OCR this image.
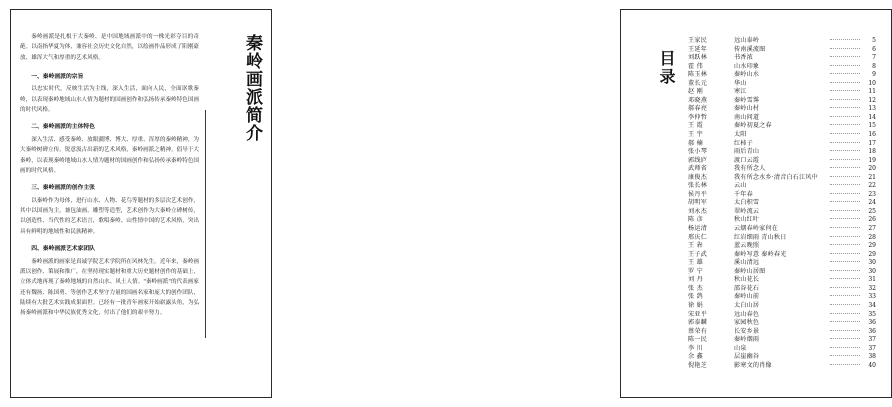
秦岭画派简介

秦岭画派是扎根于大秦岭、是中国地域画派中的一株光彩夺目的奇葩。以南指华夏为体，兼容社会历史文化自然，以绘画作品形成了阳刚豪放、雄浑大气和厚重的艺术风格。

一、秦岭画派的宗旨

以忠实时代，反映生活为主线，深入生活，面向人民，全面讴歌秦岭，以表现秦岭地域山水人情为题材的国画创作和弘扬传承秦岭特色国画的时代风格。

二、秦岭画派的主体特色

深入生活、感受秦岭、放眼疆博、博大、厚重、浑厚的秦岭精神，为大秦岭树碑立传，锐意汲古出新的艺术风格，秦岭画派之精神。倡导于大秦岭，以表现秦岭地域山水人情为题材的国画创作和弘扬传承秦岭特色国画的时代风格。

三、秦岭画派的创作主张

以秦岭作为母体，进行山水、人物、花鸟等题材的多层次艺术创作，其中以国画为主，兼包油画、雕塑等造型，艺术创作为大秦岭立碑树传，以创造性、当代性的艺术语言，歌唱秦岭、山性情中国的艺术风格，突出具有鲜明的地域性和民族精神。

四、秦岭画派艺术家团队

秦岭画派的画家是真诚学院艺术学院所在风林先生。近年来，秦岭画派以创作、策展和推广，在坚持现实题材和重大历史题材创作的基础上，立体式地再现了秦岭地域的自然山水、风土人情。"秦岭画派"的代表画家还有魏扬、陈国勇、等创作艺术坚守力量的国画名家和庞大的创作团队，陆续有大批艺术实践成果面世。已经有一批青年画家开始崭露头角，为弘扬秦岭画派和中华民族优秀文化，付出了他们的艰辛努力。

目录
王家民	远山泰岭	5
王延年	传南溪流图	6
刘跃林	书香浓	7
霍 伟	山水印象	8
陈玉林	秦岭山水	9
董长元	华山	10
赵 刚	寒江	11
邓晓燕	秦岭雪霁	12
郝春亮	秦岭山村	13
李仲哲	南山问道	14
王 霞	秦岭初夏之春	15
王 宇	太阳	16
郝 楠	红柿子	17
张小琴	雨后青山	18
郭线庐	渡口云霞	19
武师省	我有所念人	20
康俊杰	我有所念水乡·清音白石江风中	21
张长林	云山	22
侯丹平	千年春	23
胡明军	太白积雪	24
刘永杰	翠岭流云	25
陈 彦	秋山红叶	26
杨运清	云烟春岭家何在	27
邢庆仁	红岩细雨 青山秋日	28
王 犇	蓝云晚照	29
王子武	秦岭写意 秦岭春光	29
王 雄	溪山清远	30
罗 宁	秦岭山居图	30
刘 丹	秋山花长	31
张 杰	邵谷花石	32
张 鸽	秦岭山前	33
徐 娟	太白山居	34
宋亚平	远山春色	35
郭泰麟	家园秋色	36
蔡荣有	长安乡景	36
陈一民	秦岭烟雨	37
李 川	山泉	37
余 鑫	层崖幽谷	38
倪艳芝	影寒文的肖像	40
